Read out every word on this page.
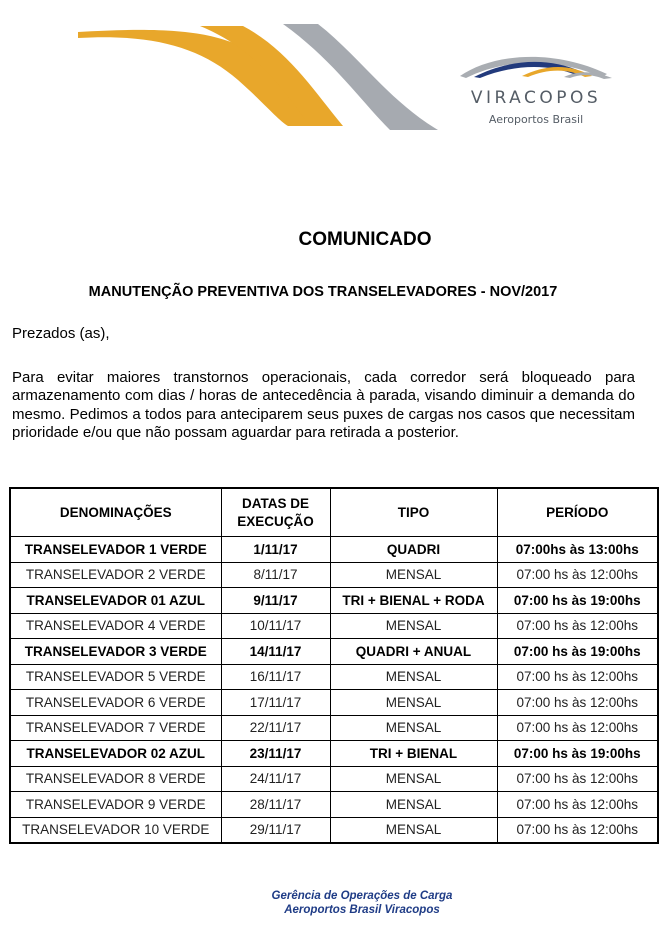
VIRACOPOS
Aeroportos Brasil
COMUNICADO
MANUTENÇÃO PREVENTIVA DOS TRANSELEVADORES - NOV/2017
Prezados (as),
Para evitar maiores transtornos operacionais, cada corredor será bloqueado para armazenamento com dias / horas de antecedência à parada, visando diminuir a demanda do mesmo. Pedimos a todos para anteciparem seus puxes de cargas nos casos que necessitam prioridade e/ou que não possam aguardar para retirada a posterior.
DENOMINAÇÕES	DATAS DE EXECUÇÃO	TIPO	PERÍODO
TRANSELEVADOR 1 VERDE	1/11/17	QUADRI	07:00hs às 13:00hs
TRANSELEVADOR 2 VERDE	8/11/17	MENSAL	07:00 hs às 12:00hs
TRANSELEVADOR 01 AZUL	9/11/17	TRI + BIENAL + RODA	07:00 hs às 19:00hs
TRANSELEVADOR 4 VERDE	10/11/17	MENSAL	07:00 hs às 12:00hs
TRANSELEVADOR 3 VERDE	14/11/17	QUADRI + ANUAL	07:00 hs às 19:00hs
TRANSELEVADOR 5 VERDE	16/11/17	MENSAL	07:00 hs às 12:00hs
TRANSELEVADOR 6 VERDE	17/11/17	MENSAL	07:00 hs às 12:00hs
TRANSELEVADOR 7 VERDE	22/11/17	MENSAL	07:00 hs às 12:00hs
TRANSELEVADOR 02 AZUL	23/11/17	TRI + BIENAL	07:00 hs às 19:00hs
TRANSELEVADOR 8 VERDE	24/11/17	MENSAL	07:00 hs às 12:00hs
TRANSELEVADOR 9 VERDE	28/11/17	MENSAL	07:00 hs às 12:00hs
TRANSELEVADOR 10 VERDE	29/11/17	MENSAL	07:00 hs às 12:00hs
Gerência de Operações de Carga
Aeroportos Brasil Viracopos
